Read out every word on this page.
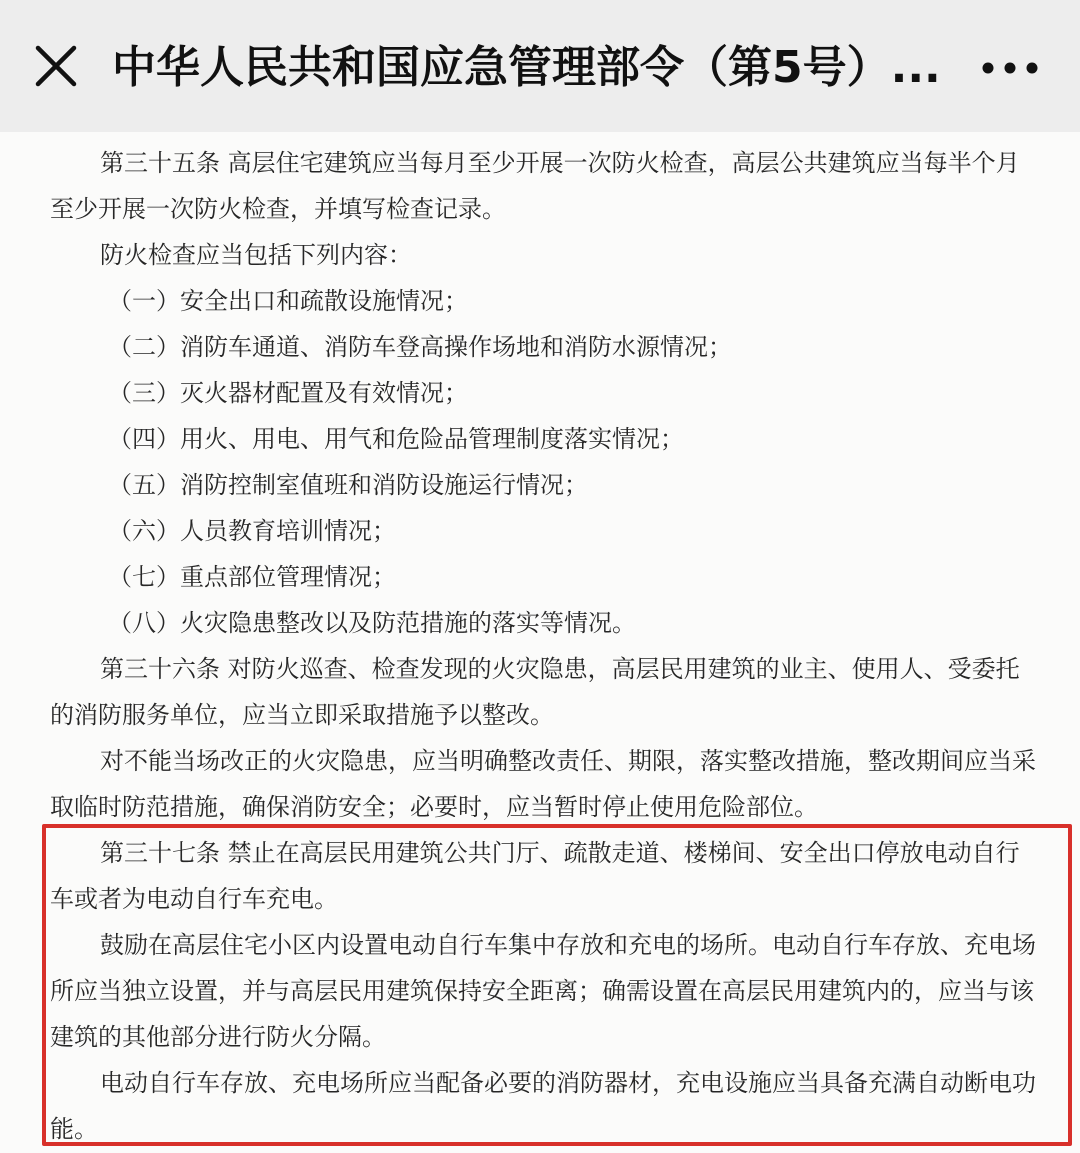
中华人民共和国应急管理部令（第5号）...
第三十五条 高层住宅建筑应当每月至少开展一次防火检查，高层公共建筑应当每半个月
至少开展一次防火检查，并填写检查记录。
防火检查应当包括下列内容：
（一）安全出口和疏散设施情况；
（二）消防车通道、消防车登高操作场地和消防水源情况；
（三）灭火器材配置及有效情况；
（四）用火、用电、用气和危险品管理制度落实情况；
（五）消防控制室值班和消防设施运行情况；
（六）人员教育培训情况；
（七）重点部位管理情况；
（八）火灾隐患整改以及防范措施的落实等情况。
第三十六条 对防火巡查、检查发现的火灾隐患，高层民用建筑的业主、使用人、受委托
的消防服务单位，应当立即采取措施予以整改。
对不能当场改正的火灾隐患，应当明确整改责任、期限，落实整改措施，整改期间应当采
取临时防范措施，确保消防安全；必要时，应当暂时停止使用危险部位。
第三十七条 禁止在高层民用建筑公共门厅、疏散走道、楼梯间、安全出口停放电动自行
车或者为电动自行车充电。
鼓励在高层住宅小区内设置电动自行车集中存放和充电的场所。电动自行车存放、充电场
所应当独立设置，并与高层民用建筑保持安全距离；确需设置在高层民用建筑内的，应当与该
建筑的其他部分进行防火分隔。
电动自行车存放、充电场所应当配备必要的消防器材，充电设施应当具备充满自动断电功
能。
